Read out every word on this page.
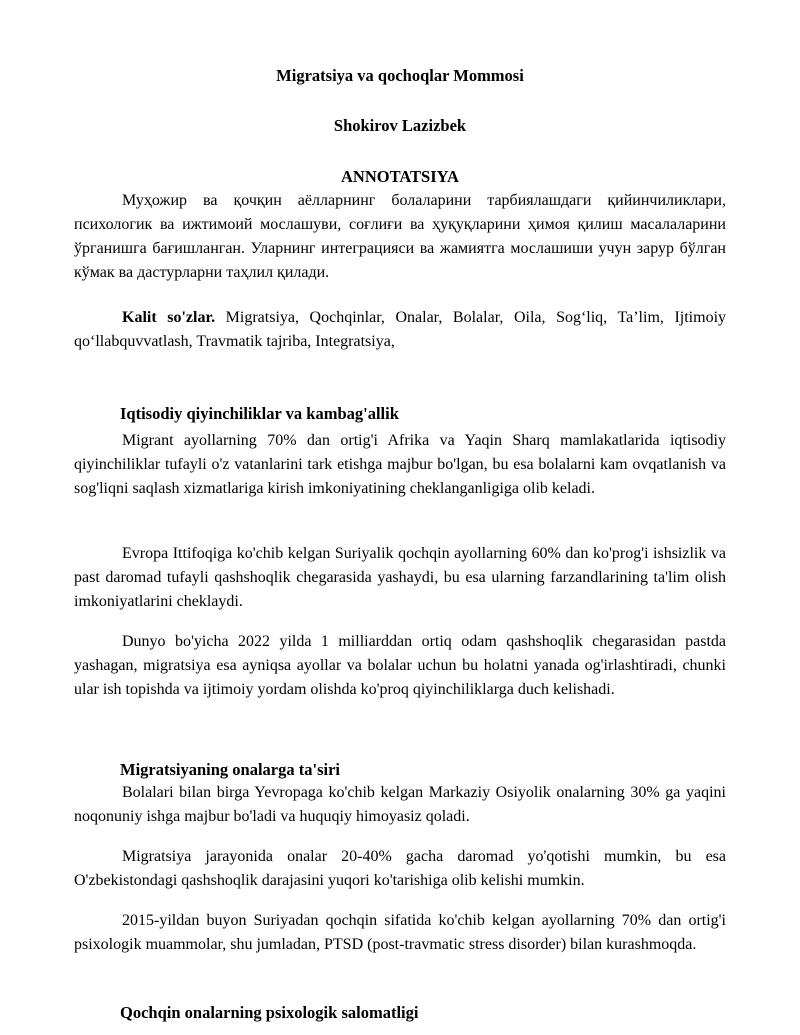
Migratsiya va qochoqlar Mommosi
Shokirov Lazizbek
ANNOTATSIYA

Муҳожир ва қочқин аёлларнинг болаларини тарбиялашдаги қийинчиликлари, психологик ва ижтимоий мослашуви, соғлиғи ва ҳуқуқларини ҳимоя қилиш масалаларини ўрганишга бағишланган. Уларнинг интеграцияси ва жамиятга мослашиши учун зарур бўлган кўмак ва дастурларни таҳлил қилади.

Kalit so'zlar. Migratsiya, Qochqinlar, Onalar, Bolalar, Oila, Sog‘liq, Ta’lim, Ijtimoiy qo‘llabquvvatlash, Travmatik tajriba, Integratsiya,

Iqtisodiy qiyinchiliklar va kambag'allik

Migrant ayollarning 70% dan ortig'i Afrika va Yaqin Sharq mamlakatlarida iqtisodiy qiyinchiliklar tufayli o'z vatanlarini tark etishga majbur bo'lgan, bu esa bolalarni kam ovqatlanish va sog'liqni saqlash xizmatlariga kirish imkoniyatining cheklanganligiga olib keladi.

Evropa Ittifoqiga ko'chib kelgan Suriyalik qochqin ayollarning 60% dan ko'prog'i ishsizlik va past daromad tufayli qashshoqlik chegarasida yashaydi, bu esa ularning farzandlarining ta'lim olish imkoniyatlarini cheklaydi.

Dunyo bo'yicha 2022 yilda 1 milliarddan ortiq odam qashshoqlik chegarasidan pastda yashagan, migratsiya esa ayniqsa ayollar va bolalar uchun bu holatni yanada og'irlashtiradi, chunki ular ish topishda va ijtimoiy yordam olishda ko'proq qiyinchiliklarga duch kelishadi.

Migratsiyaning onalarga ta'siri

Bolalari bilan birga Yevropaga ko'chib kelgan Markaziy Osiyolik onalarning 30% ga yaqini noqonuniy ishga majbur bo'ladi va huquqiy himoyasiz qoladi.

Migratsiya jarayonida onalar 20-40% gacha daromad yo'qotishi mumkin, bu esa O'zbekistondagi qashshoqlik darajasini yuqori ko'tarishiga olib kelishi mumkin.

2015-yildan buyon Suriyadan qochqin sifatida ko'chib kelgan ayollarning 70% dan ortig'i psixologik muammolar, shu jumladan, PTSD (post-travmatic stress disorder) bilan kurashmoqda.

Qochqin onalarning psixologik salomatligi
